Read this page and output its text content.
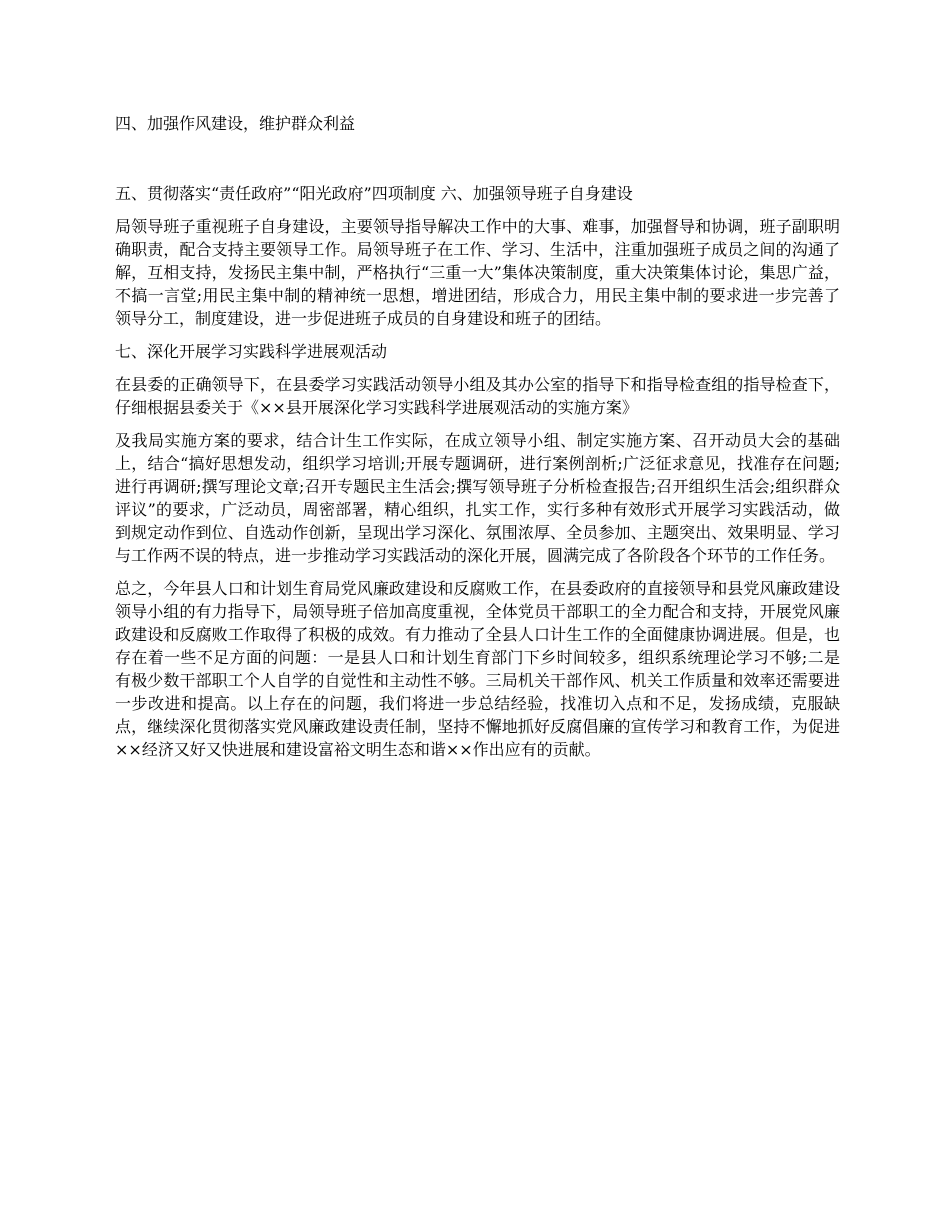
四、加强作风建设，维护群众利益

五、贯彻落实“责任政府”“阳光政府”四项制度 六、加强领导班子自身建设

局领导班子重视班子自身建设，主要领导指导解决工作中的大事、难事，加强督导和协调，班子副职明确职责，配合支持主要领导工作。局领导班子在工作、学习、生活中，注重加强班子成员之间的沟通了解，互相支持，发扬民主集中制，严格执行“三重一大”集体决策制度，重大决策集体讨论，集思广益，不搞一言堂;用民主集中制的精神统一思想，增进团结，形成合力，用民主集中制的要求进一步完善了领导分工，制度建设，进一步促进班子成员的自身建设和班子的团结。

七、深化开展学习实践科学进展观活动

在县委的正确领导下，在县委学习实践活动领导小组及其办公室的指导下和指导检查组的指导检查下，仔细根据县委关于《××县开展深化学习实践科学进展观活动的实施方案》

及我局实施方案的要求，结合计生工作实际，在成立领导小组、制定实施方案、召开动员大会的基础上，结合“搞好思想发动，组织学习培训;开展专题调研，进行案例剖析;广泛征求意见，找准存在问题;进行再调研;撰写理论文章;召开专题民主生活会;撰写领导班子分析检查报告;召开组织生活会;组织群众评议”的要求，广泛动员，周密部署，精心组织，扎实工作，实行多种有效形式开展学习实践活动，做到规定动作到位、自选动作创新，呈现出学习深化、氛围浓厚、全员参加、主题突出、效果明显、学习与工作两不误的特点，进一步推动学习实践活动的深化开展，圆满完成了各阶段各个环节的工作任务。

总之，今年县人口和计划生育局党风廉政建设和反腐败工作，在县委政府的直接领导和县党风廉政建设领导小组的有力指导下，局领导班子倍加高度重视，全体党员干部职工的全力配合和支持，开展党风廉政建设和反腐败工作取得了积极的成效。有力推动了全县人口计生工作的全面健康协调进展。但是，也存在着一些不足方面的问题：一是县人口和计划生育部门下乡时间较多，组织系统理论学习不够;二是有极少数干部职工个人自学的自觉性和主动性不够。三局机关干部作风、机关工作质量和效率还需要进一步改进和提高。以上存在的问题，我们将进一步总结经验，找准切入点和不足，发扬成绩，克服缺点，继续深化贯彻落实党风廉政建设责任制，坚持不懈地抓好反腐倡廉的宣传学习和教育工作，为促进××经济又好又快进展和建设富裕文明生态和谐××作出应有的贡献。
